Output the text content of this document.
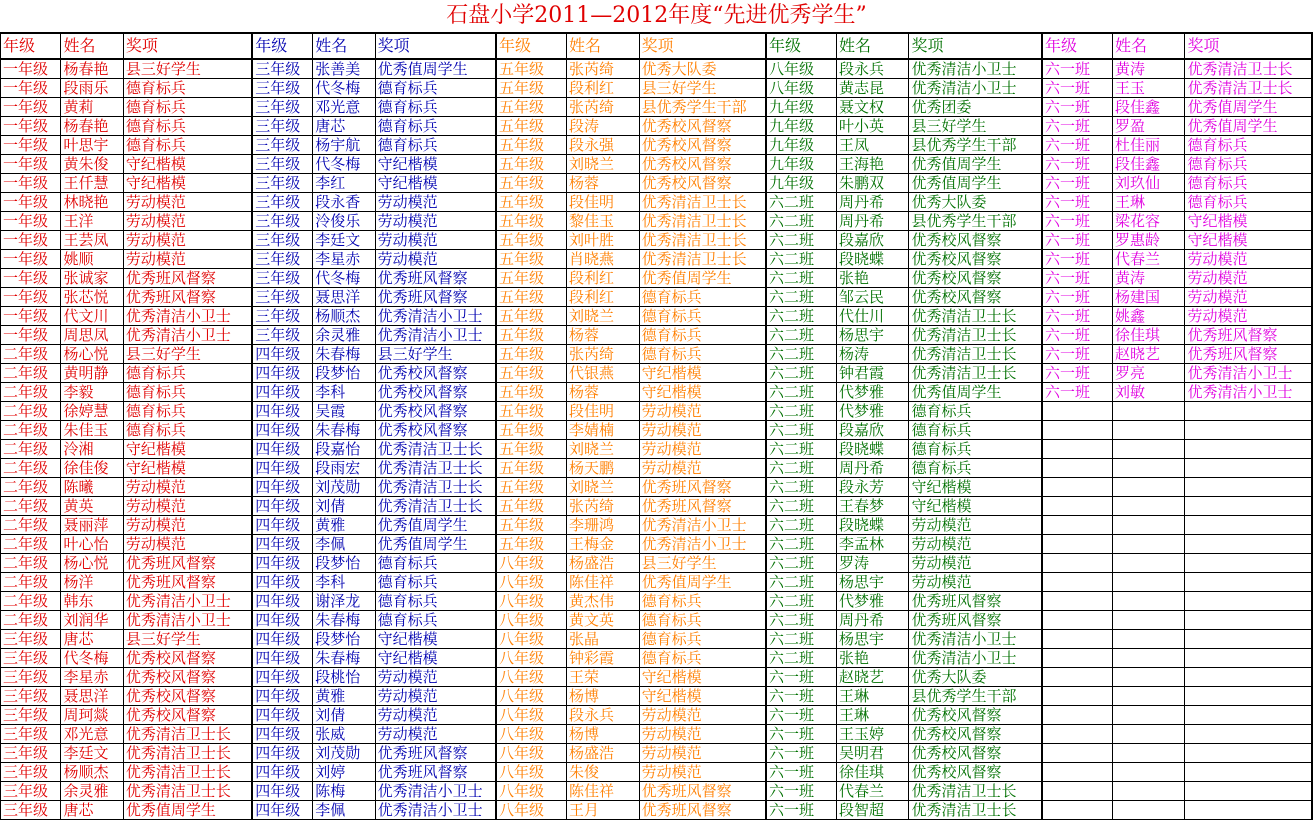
石盘小学2011—2012年度“先进优秀学生”
年级	姓名	奖项	年级	姓名	奖项	年级	姓名	奖项	年级	姓名	奖项	年级	姓名	奖项
一年级	杨春艳	县三好学生	三年级	张善美	优秀值周学生	五年级	张芮绮	优秀大队委	八年级	段永兵	优秀清洁小卫士	六一班	黄涛	优秀清洁卫士长
一年级	段雨乐	德育标兵	三年级	代冬梅	德育标兵	五年级	段利红	县三好学生	八年级	黄志昆	优秀清洁小卫士	六一班	王玉	优秀清洁卫士长
一年级	黄莉	德育标兵	三年级	邓光意	德育标兵	五年级	张芮绮	县优秀学生干部	九年级	聂文权	优秀团委	六一班	段佳鑫	优秀值周学生
一年级	杨春艳	德育标兵	三年级	唐芯	德育标兵	五年级	段涛	优秀校风督察	九年级	叶小英	县三好学生	六一班	罗盈	优秀值周学生
一年级	叶思宇	德育标兵	三年级	杨宇航	德育标兵	五年级	段永强	优秀校风督察	九年级	王凤	县优秀学生干部	六一班	杜佳丽	德育标兵
一年级	黄朱俊	守纪楷模	三年级	代冬梅	守纪楷模	五年级	刘晓兰	优秀校风督察	九年级	王海艳	优秀值周学生	六一班	段佳鑫	德育标兵
一年级	王仟慧	守纪楷模	三年级	李红	守纪楷模	五年级	杨蓉	优秀校风督察	九年级	朱鹏双	优秀值周学生	六一班	刘玖仙	德育标兵
一年级	林晓艳	劳动模范	三年级	段永香	劳动模范	五年级	段佳明	优秀清洁卫士长	六二班	周丹希	优秀大队委	六一班	王琳	德育标兵
一年级	王洋	劳动模范	三年级	泠俊乐	劳动模范	五年级	黎佳玉	优秀清洁卫士长	六二班	周丹希	县优秀学生干部	六一班	梁花容	守纪楷模
一年级	王芸凤	劳动模范	三年级	李廷文	劳动模范	五年级	刘叶胜	优秀清洁卫士长	六二班	段嘉欣	优秀校风督察	六一班	罗惠龄	守纪楷模
一年级	姚顺	劳动模范	三年级	李星赤	劳动模范	五年级	肖晓燕	优秀清洁卫士长	六二班	段晓蝶	优秀校风督察	六一班	代春兰	劳动模范
一年级	张诚家	优秀班风督察	三年级	代冬梅	优秀班风督察	五年级	段利红	优秀值周学生	六二班	张艳	优秀校风督察	六一班	黄涛	劳动模范
一年级	张芯悦	优秀班风督察	三年级	聂思洋	优秀班风督察	五年级	段利红	德育标兵	六二班	邹云民	优秀校风督察	六一班	杨建国	劳动模范
一年级	代文川	优秀清洁小卫士	三年级	杨顺杰	优秀清洁小卫士	五年级	刘晓兰	德育标兵	六二班	代仕川	优秀清洁卫士长	六一班	姚鑫	劳动模范
一年级	周思凤	优秀清洁小卫士	三年级	余灵雅	优秀清洁小卫士	五年级	杨蓉	德育标兵	六二班	杨思宇	优秀清洁卫士长	六一班	徐佳琪	优秀班风督察
二年级	杨心悦	县三好学生	四年级	朱春梅	县三好学生	五年级	张芮绮	德育标兵	六二班	杨涛	优秀清洁卫士长	六一班	赵晓艺	优秀班风督察
二年级	黄明静	德育标兵	四年级	段梦怡	优秀校风督察	五年级	代银燕	守纪楷模	六二班	钟君霞	优秀清洁卫士长	六一班	罗亮	优秀清洁小卫士
二年级	李毅	德育标兵	四年级	李科	优秀校风督察	五年级	杨蓉	守纪楷模	六二班	代梦雅	优秀值周学生	六一班	刘敏	优秀清洁小卫士
二年级	徐婷慧	德育标兵	四年级	吴霞	优秀校风督察	五年级	段佳明	劳动模范	六二班	代梦雅	德育标兵			
二年级	朱佳玉	德育标兵	四年级	朱春梅	优秀校风督察	五年级	李婧楠	劳动模范	六二班	段嘉欣	德育标兵			
二年级	泠湘	守纪楷模	四年级	段嘉怡	优秀清洁卫士长	五年级	刘晓兰	劳动模范	六二班	段晓蝶	德育标兵			
二年级	徐佳俊	守纪楷模	四年级	段雨宏	优秀清洁卫士长	五年级	杨天鹏	劳动模范	六二班	周丹希	德育标兵			
二年级	陈曦	劳动模范	四年级	刘茂勋	优秀清洁卫士长	五年级	刘晓兰	优秀班风督察	六二班	段永芳	守纪楷模			
二年级	黄英	劳动模范	四年级	刘倩	优秀清洁卫士长	五年级	张芮绮	优秀班风督察	六二班	王春梦	守纪楷模			
二年级	聂丽萍	劳动模范	四年级	黄雅	优秀值周学生	五年级	李珊鸿	优秀清洁小卫士	六二班	段晓蝶	劳动模范			
二年级	叶心怡	劳动模范	四年级	李佩	优秀值周学生	五年级	王梅金	优秀清洁小卫士	六二班	李孟林	劳动模范			
二年级	杨心悦	优秀班风督察	四年级	段梦怡	德育标兵	八年级	杨盛浩	县三好学生	六二班	罗涛	劳动模范			
二年级	杨洋	优秀班风督察	四年级	李科	德育标兵	八年级	陈佳祥	优秀值周学生	六二班	杨思宇	劳动模范			
二年级	韩东	优秀清洁小卫士	四年级	谢泽龙	德育标兵	八年级	黄杰伟	德育标兵	六二班	代梦雅	优秀班风督察			
二年级	刘润华	优秀清洁小卫士	四年级	朱春梅	德育标兵	八年级	黄文英	德育标兵	六二班	周丹希	优秀班风督察			
三年级	唐芯	县三好学生	四年级	段梦怡	守纪楷模	八年级	张晶	德育标兵	六二班	杨思宇	优秀清洁小卫士			
三年级	代冬梅	优秀校风督察	四年级	朱春梅	守纪楷模	八年级	钟彩霞	德育标兵	六二班	张艳	优秀清洁小卫士			
三年级	李星赤	优秀校风督察	四年级	段桃怡	劳动模范	八年级	王荣	守纪楷模	六一班	赵晓艺	优秀大队委			
三年级	聂思洋	优秀校风督察	四年级	黄雅	劳动模范	八年级	杨博	守纪楷模	六一班	王琳	县优秀学生干部			
三年级	周珂燚	优秀校风督察	四年级	刘倩	劳动模范	八年级	段永兵	劳动模范	六一班	王琳	优秀校风督察			
三年级	邓光意	优秀清洁卫士长	四年级	张威	劳动模范	八年级	杨博	劳动模范	六一班	王玉婷	优秀校风督察			
三年级	李廷文	优秀清洁卫士长	四年级	刘茂勋	优秀班风督察	八年级	杨盛浩	劳动模范	六一班	吴明君	优秀校风督察			
三年级	杨顺杰	优秀清洁卫士长	四年级	刘婷	优秀班风督察	八年级	朱俊	劳动模范	六一班	徐佳琪	优秀校风督察			
三年级	余灵雅	优秀清洁卫士长	四年级	陈梅	优秀清洁小卫士	八年级	陈佳祥	优秀班风督察	六一班	代春兰	优秀清洁卫士长			
三年级	唐芯	优秀值周学生	四年级	李佩	优秀清洁小卫士	八年级	王月	优秀班风督察	六一班	段智超	优秀清洁卫士长			
